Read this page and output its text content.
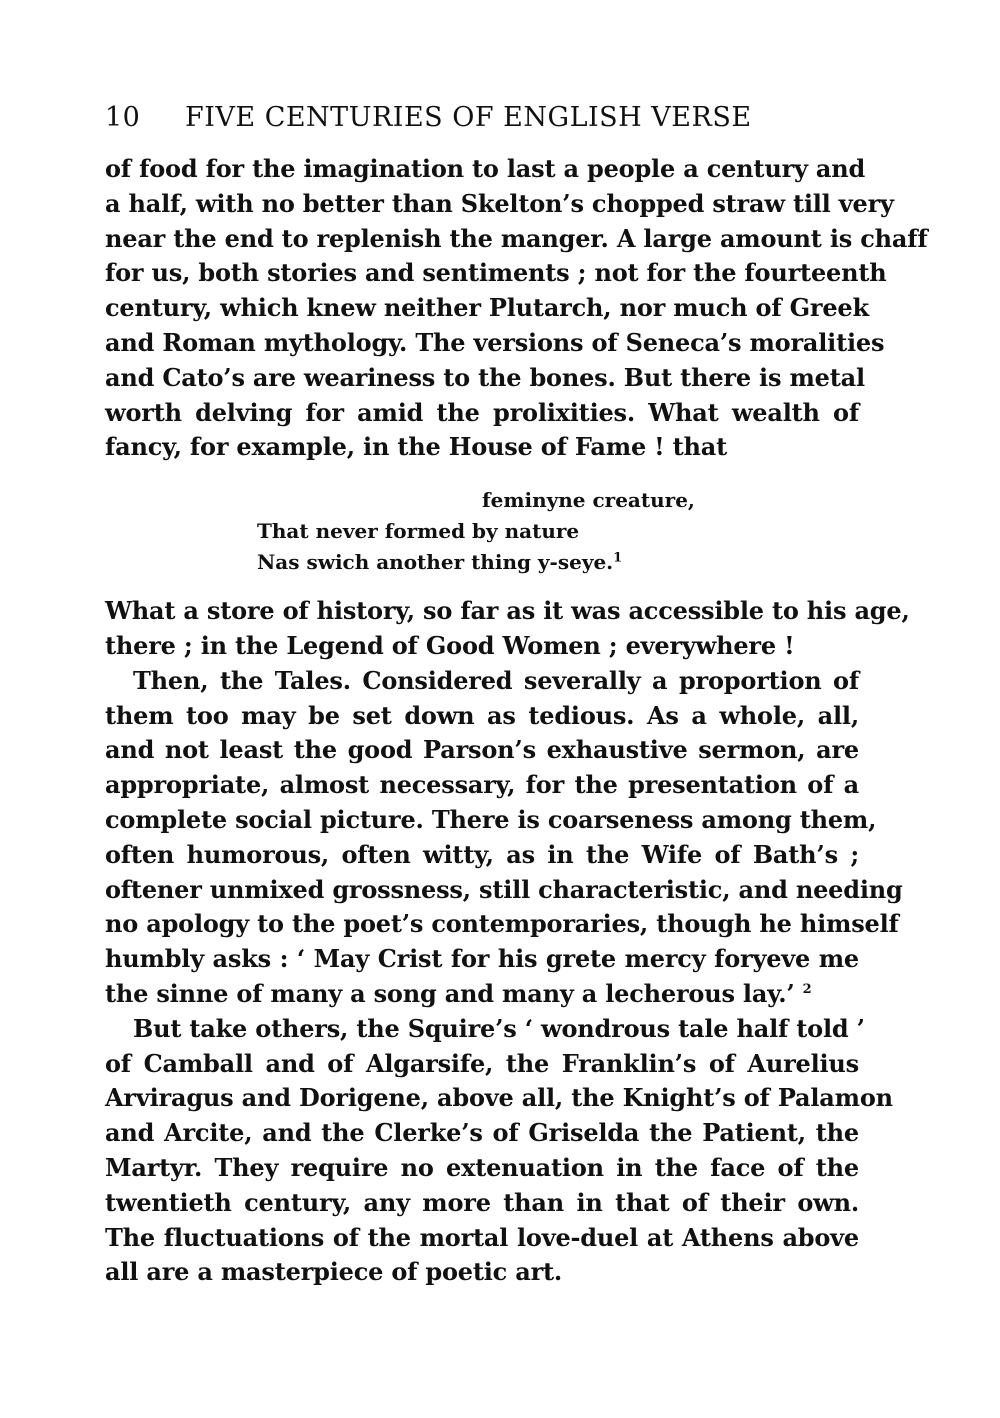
10	FIVE CENTURIES OF ENGLISH VERSE
of food for the imagination to last a people a century and
a half, with no better than Skelton’s chopped straw till very
near the end to replenish the manger. A large amount is chaff
for us, both stories and sentiments ; not for the fourteenth
century, which knew neither Plutarch, nor much of Greek
and Roman mythology. The versions of Seneca’s moralities
and Cato’s are weariness to the bones. But there is metal
worth delving for amid the prolixities. What wealth of
fancy, for example, in the House of Fame ! that
feminyne creature,
That never formed by nature
Nas swich another thing y-seye.$^1$
What a store of history, so far as it was accessible to his age,
there ; in the Legend of Good Women ; everywhere !
Then, the Tales. Considered severally a proportion of
them too may be set down as tedious. As a whole, all,
and not least the good Parson’s exhaustive sermon, are
appropriate, almost necessary, for the presentation of a
complete social picture. There is coarseness among them,
often humorous, often witty, as in the Wife of Bath’s ;
oftener unmixed grossness, still characteristic, and needing
no apology to the poet’s contemporaries, though he himself
humbly asks : ‘ May Crist for his grete mercy foryeve me
the sinne of many a song and many a lecherous lay.’ $^2$
But take others, the Squire’s ‘ wondrous tale half told ’
of Camball and of Algarsife, the Franklin’s of Aurelius
Arviragus and Dorigene, above all, the Knight’s of Palamon
and Arcite, and the Clerke’s of Griselda the Patient, the
Martyr. They require no extenuation in the face of the
twentieth century, any more than in that of their own.
The fluctuations of the mortal love-duel at Athens above
all are a masterpiece of poetic art.
